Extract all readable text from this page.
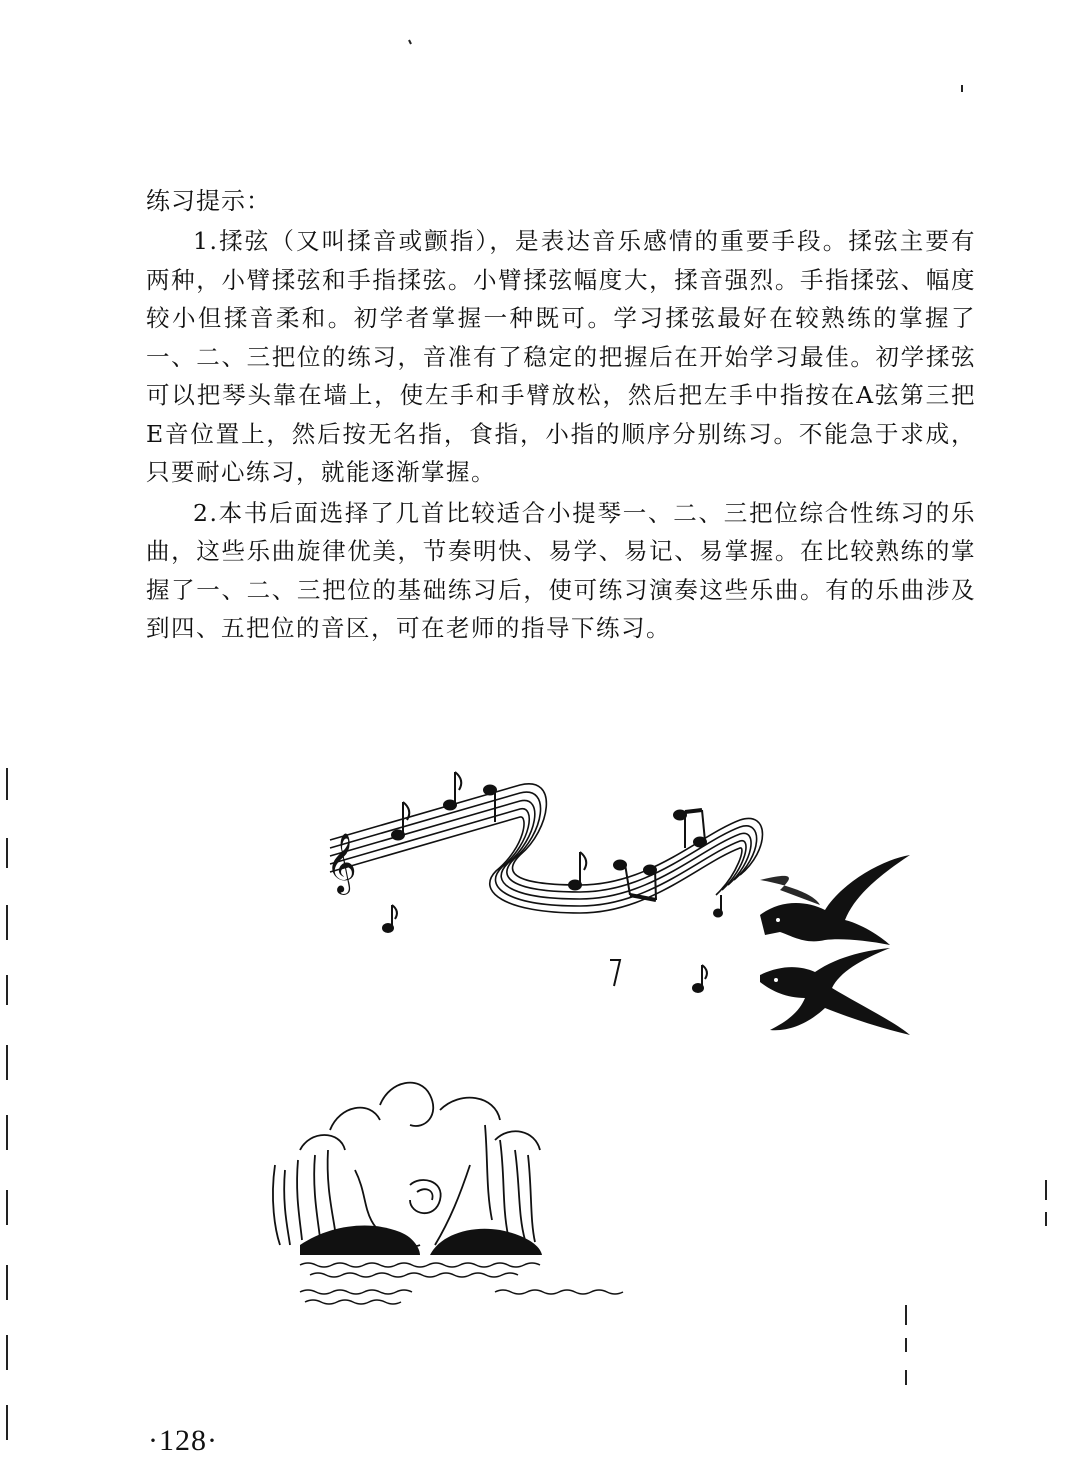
练习提示：

1.揉弦（又叫揉音或颤指），是表达音乐感情的重要手段。揉弦主要有两种，小臂揉弦和手指揉弦。小臂揉弦幅度大，揉音强烈。手指揉弦、幅度较小但揉音柔和。初学者掌握一种既可。学习揉弦最好在较熟练的掌握了一、二、三把位的练习，音准有了稳定的把握后在开始学习最佳。初学揉弦可以把琴头靠在墙上，使左手和手臂放松，然后把左手中指按在A弦第三把E音位置上，然后按无名指，食指，小指的顺序分别练习。不能急于求成，只要耐心练习，就能逐渐掌握。

2.本书后面选择了几首比较适合小提琴一、二、三把位综合性练习的乐曲，这些乐曲旋律优美，节奏明快、易学、易记、易掌握。在比较熟练的掌握了一、二、三把位的基础练习后，使可练习演奏这些乐曲。有的乐曲涉及到四、五把位的音区，可在老师的指导下练习。

𝄞
·128·
